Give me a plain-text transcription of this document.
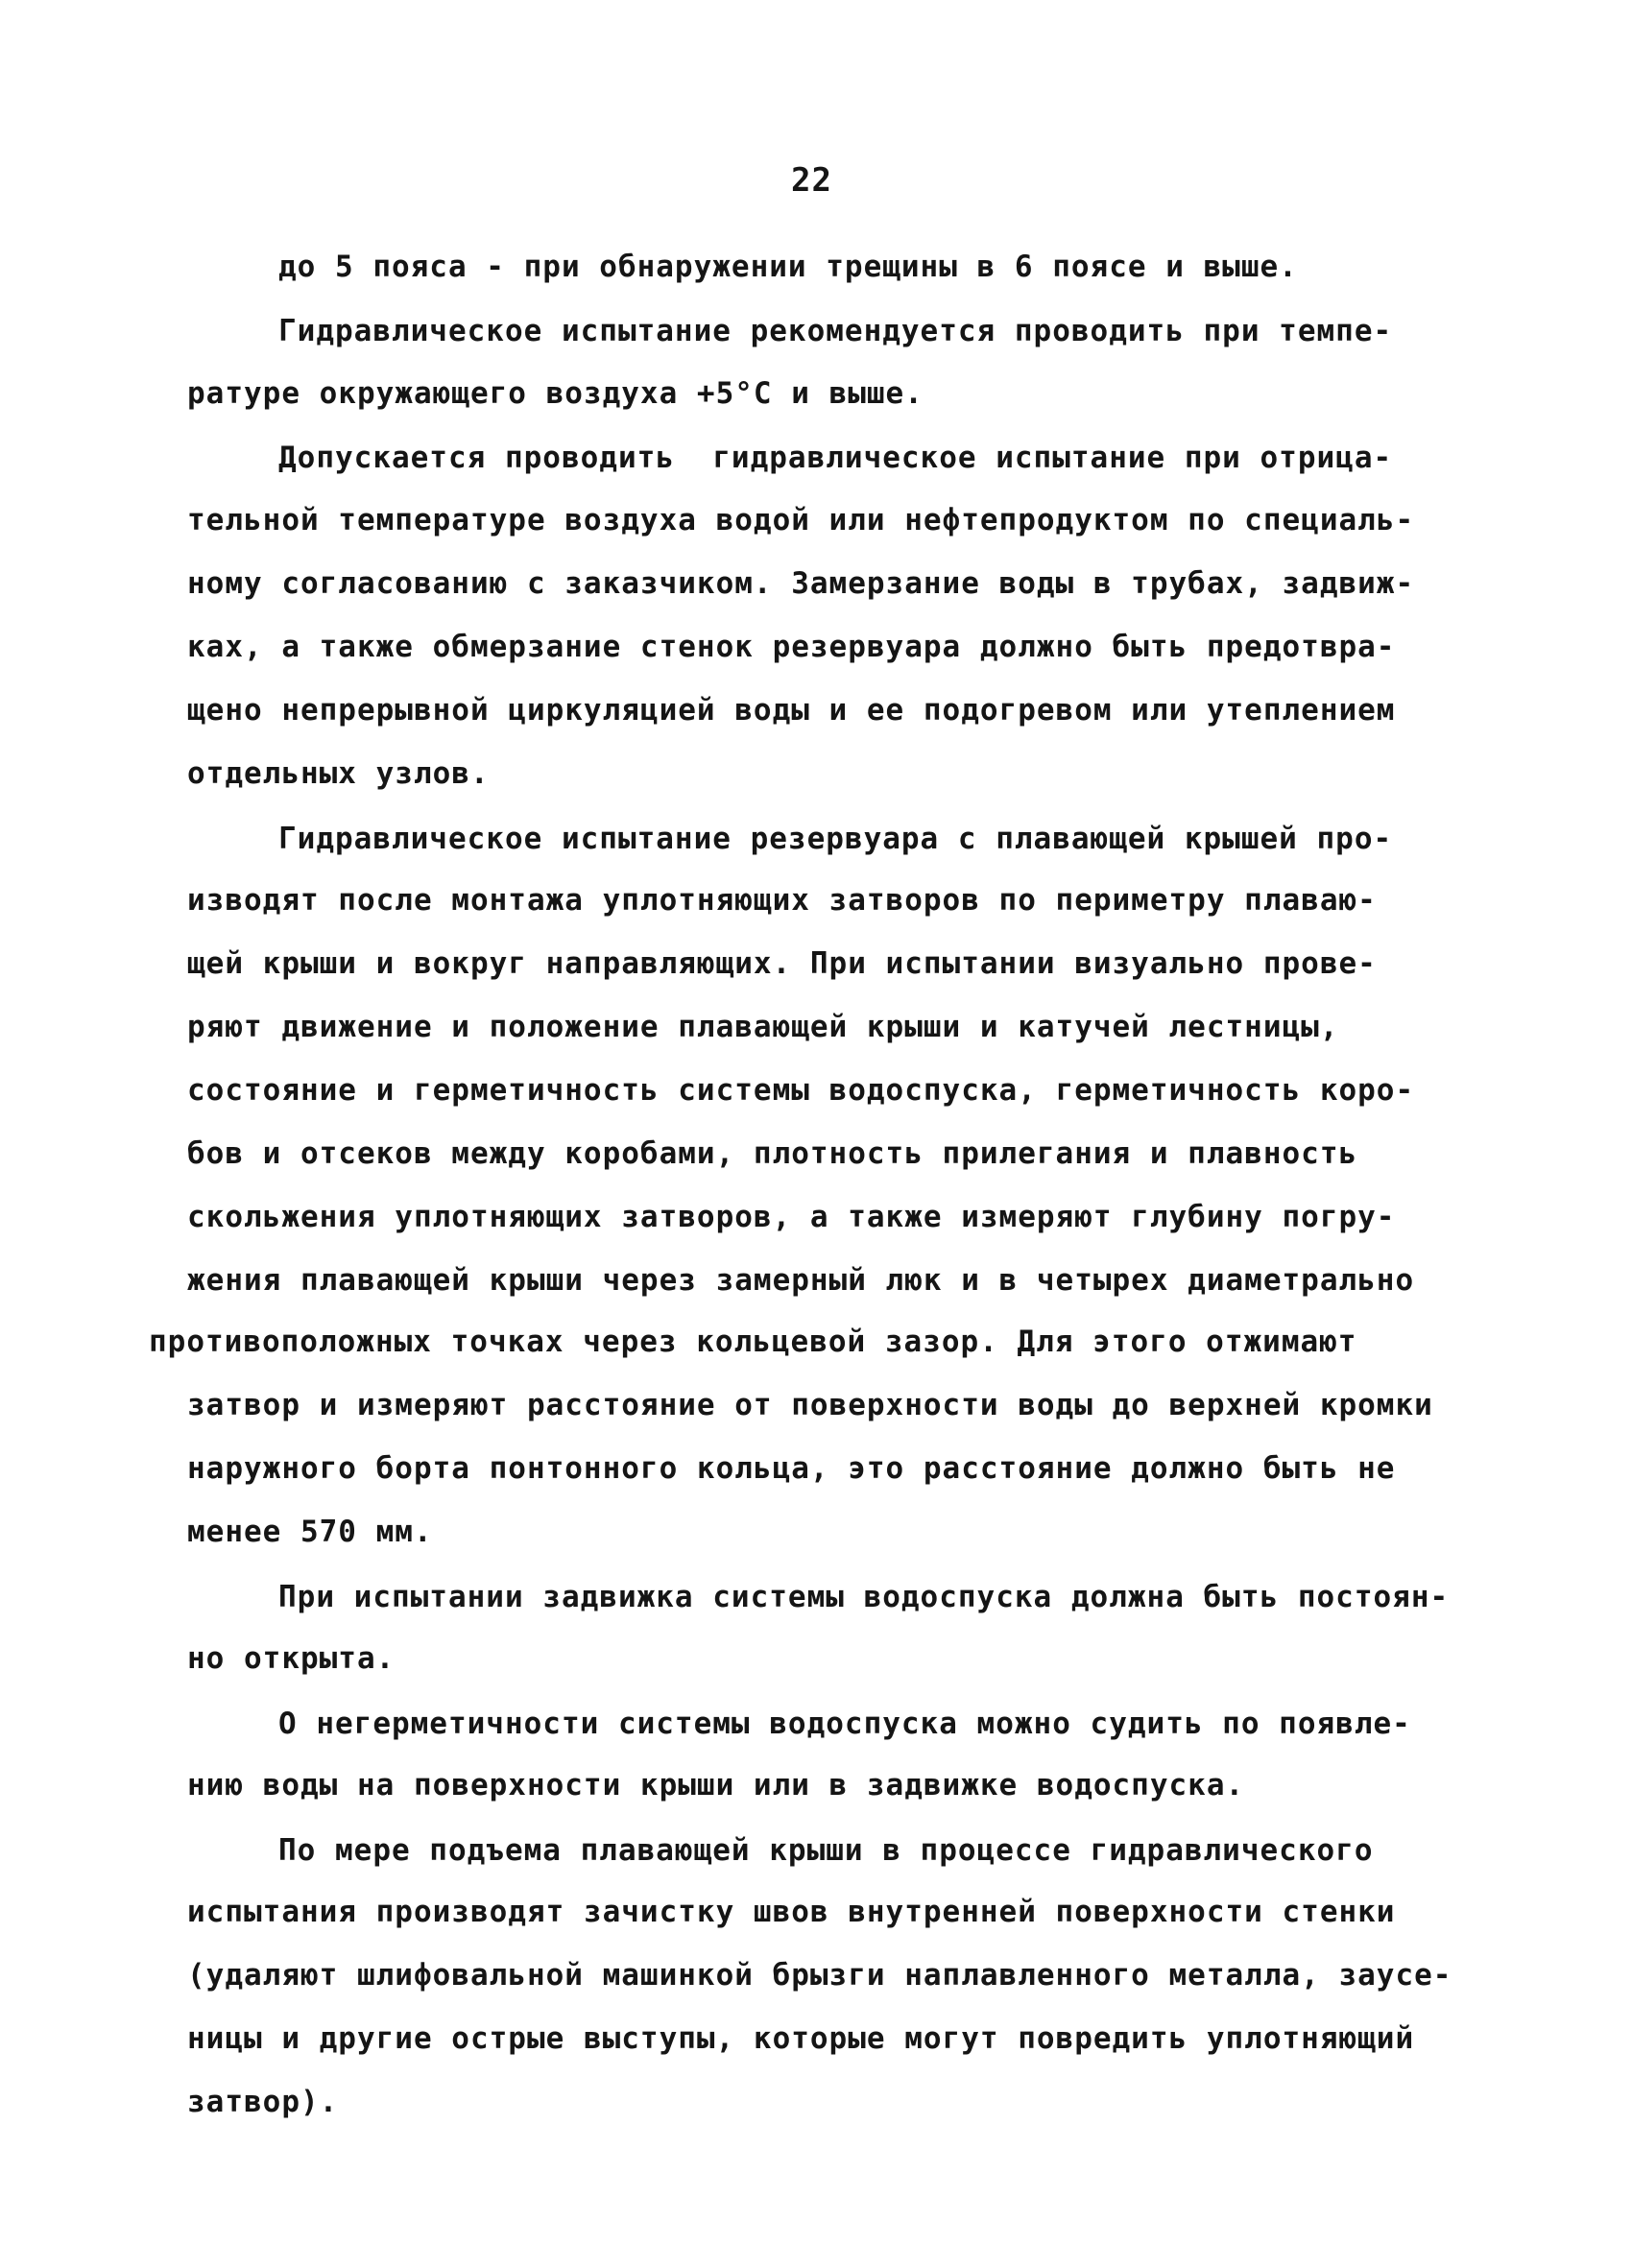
22
до 5 пояса - при обнаружении трещины в 6 поясе и выше.
Гидравлическое испытание рекомендуется проводить при темпе-
ратуре окружающего воздуха +5°С и выше.
Допускается проводить  гидравлическое испытание при отрица-
тельной температуре воздуха водой или нефтепродуктом по специаль-
ному согласованию с заказчиком. Замерзание воды в трубах, задвиж-
ках, а также обмерзание стенок резервуара должно быть предотвра-
щено непрерывной циркуляцией воды и ее подогревом или утеплением
отдельных узлов.
Гидравлическое испытание резервуара с плавающей крышей про-
изводят после монтажа уплотняющих затворов по периметру плаваю-
щей крыши и вокруг направляющих. При испытании визуально прове-
ряют движение и положение плавающей крыши и катучей лестницы,
состояние и герметичность системы водоспуска, герметичность коро-
бов и отсеков между коробами, плотность прилегания и плавность
скольжения уплотняющих затворов, а также измеряют глубину погру-
жения плавающей крыши через замерный люк и в четырех диаметрально
противоположных точках через кольцевой зазор. Для этого отжимают
затвор и измеряют расстояние от поверхности воды до верхней кромки
наружного борта понтонного кольца, это расстояние должно быть не
менее 570 мм.
При испытании задвижка системы водоспуска должна быть постоян-
но открыта.
О негерметичности системы водоспуска можно судить по появле-
нию воды на поверхности крыши или в задвижке водоспуска.
По мере подъема плавающей крыши в процессе гидравлического
испытания производят зачистку швов внутренней поверхности стенки
(удаляют шлифовальной машинкой брызги наплавленного металла, заусе-
ницы и другие острые выступы, которые могут повредить уплотняющий
затвор).
